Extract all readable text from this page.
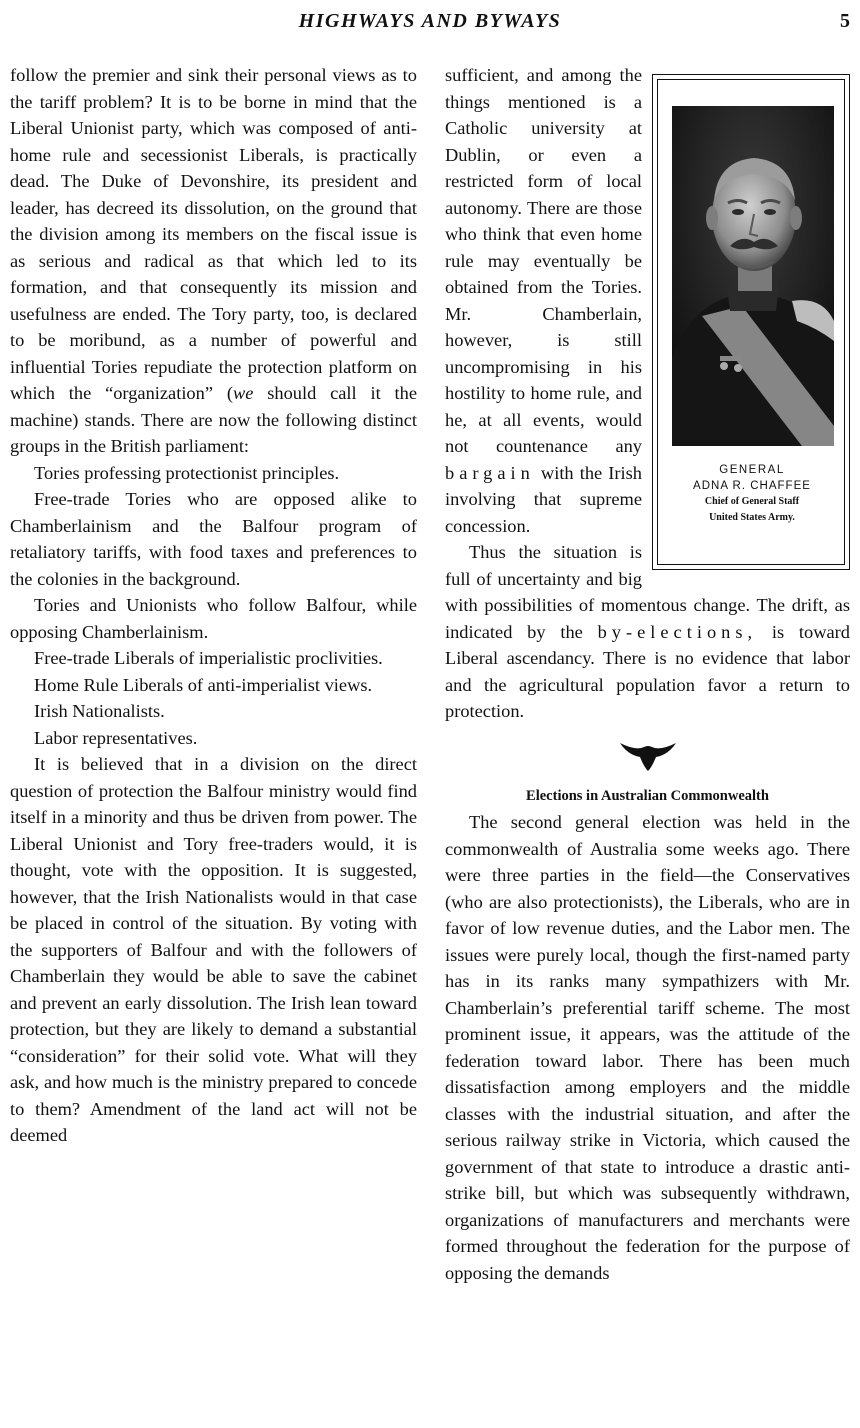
HIGHWAYS AND BYWAYS	5

follow the premier and sink their personal views as to the tariff problem? It is to be borne in mind that the Liberal Unionist party, which was composed of anti-home rule and secessionist Liberals, is practically dead. The Duke of Devonshire, its president and leader, has decreed its dissolution, on the ground that the division among its members on the fiscal issue is as serious and radical as that which led to its formation, and that consequently its mission and usefulness are ended. The Tory party, too, is declared to be moribund, as a number of powerful and influential Tories repudiate the protection platform on which the “organization” (we should call it the machine) stands. There are now the following distinct groups in the British parliament:

Tories professing protectionist principles.

Free-trade Tories who are opposed alike to Chamberlainism and the Balfour program of retaliatory tariffs, with food taxes and preferences to the colonies in the background.

Tories and Unionists who follow Balfour, while opposing Chamberlainism.

Free-trade Liberals of imperialistic proclivities.

Home Rule Liberals of anti-imperialist views.

Irish Nationalists.

Labor representatives.

It is believed that in a division on the direct question of protection the Balfour ministry would find itself in a minority and thus be driven from power. The Liberal Unionist and Tory free-traders would, it is thought, vote with the opposition. It is suggested, however, that the Irish Nationalists would in that case be placed in control of the situation. By voting with the supporters of Balfour and with the followers of Chamberlain they would be able to save the cabinet and prevent an early dissolution. The Irish lean toward protection, but they are likely to demand a substantial “consideration” for their solid vote. What will they ask, and how much is the ministry prepared to concede to them? Amendment of the land act will not be deemed

GENERAL
ADNA R. CHAFFEE
Chief of General Staff
United States Army.

sufficient, and among the things mentioned is a Catholic university at Dublin, or even a restricted form of local autonomy. There are those who think that even home rule may eventually be obtained from the Tories. Mr. Chamberlain, however, is still uncompromising in his hostility to home rule, and he, at all events, would not countenance any bargain with the Irish involving that supreme concession.

Thus the situation is full of uncertainty and big with possibilities of momentous change. The drift, as indicated by the by-elections, is toward Liberal ascendancy. There is no evidence that labor and the agricultural population favor a return to protection.

Elections in Australian Commonwealth

The second general election was held in the commonwealth of Australia some weeks ago. There were three parties in the field—the Conservatives (who are also protectionists), the Liberals, who are in favor of low revenue duties, and the Labor men. The issues were purely local, though the first-named party has in its ranks many sympathizers with Mr. Chamberlain’s preferential tariff scheme. The most prominent issue, it appears, was the attitude of the federation toward labor. There has been much dissatisfaction among employers and the middle classes with the industrial situation, and after the serious railway strike in Victoria, which caused the government of that state to introduce a drastic anti-strike bill, but which was subsequently withdrawn, organizations of manufacturers and merchants were formed throughout the federation for the purpose of opposing the demands
